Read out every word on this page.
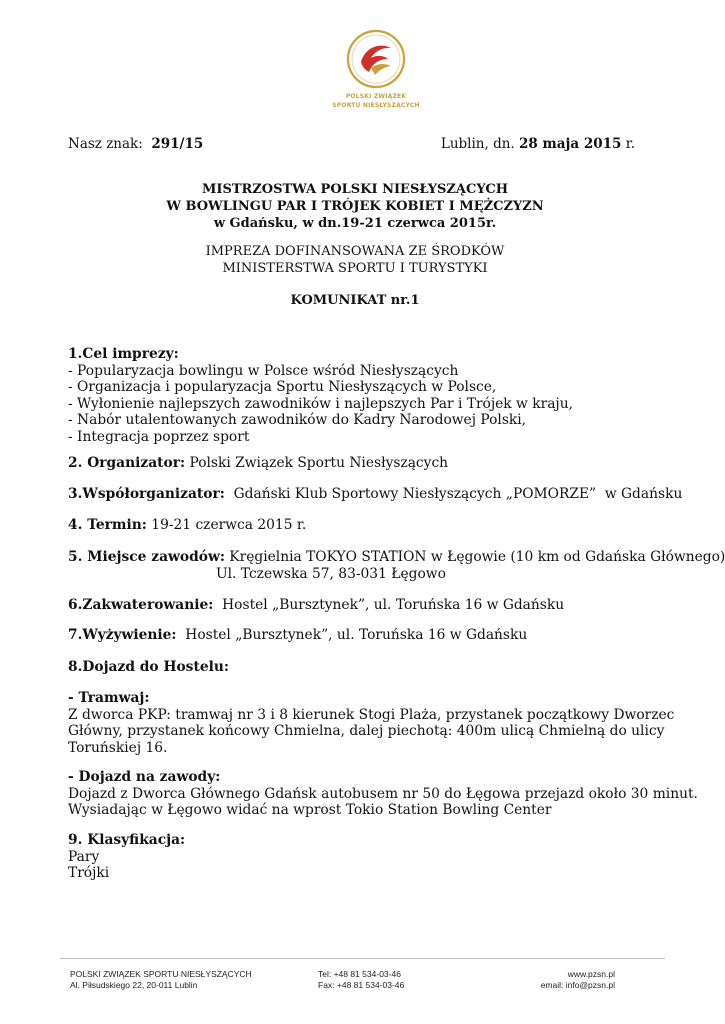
POLSKI ZWIĄZEK
SPORTU NIESŁYSZĄCYCH
Nasz znak: 291/15	Lublin, dn. 28 maja 2015 r.
MISTRZOSTWA POLSKI NIESŁYSZĄCYCH
W BOWLINGU PAR I TRÓJEK KOBIET I MĘŻCZYZN
w Gdańsku, w dn.19-21 czerwca 2015r.
IMPREZA DOFINANSOWANA ZE ŚRODKÓW
MINISTERSTWA SPORTU I TURYSTYKI
KOMUNIKAT nr.1
1.Cel imprezy:
- Popularyzacja bowlingu w Polsce wśród Niesłyszących
- Organizacja i popularyzacja Sportu Niesłyszących w Polsce,
- Wyłonienie najlepszych zawodników i najlepszych Par i Trójek w kraju,
- Nabór utalentowanych zawodników do Kadry Narodowej Polski,
- Integracja poprzez sport
2. Organizator: Polski Związek Sportu Niesłyszących
3.Współorganizator:  Gdański Klub Sportowy Niesłyszących „POMORZE”  w Gdańsku
4. Termin: 19-21 czerwca 2015 r.
5. Miejsce zawodów: Kręgielnia TOKYO STATION w Łęgowie (10 km od Gdańska Głównego)
Ul. Tczewska 57, 83-031 Łęgowo
6.Zakwaterowanie:  Hostel „Bursztynek”, ul. Toruńska 16 w Gdańsku
7.Wyżywienie:  Hostel „Bursztynek”, ul. Toruńska 16 w Gdańsku
8.Dojazd do Hostelu:
- Tramwaj:
Z dworca PKP: tramwaj nr 3 i 8 kierunek Stogi Plaża, przystanek początkowy Dworzec
Główny, przystanek końcowy Chmielna, dalej piechotą: 400m ulicą Chmielną do ulicy
Toruńskiej 16.
- Dojazd na zawody:
Dojazd z Dworca Głównego Gdańsk autobusem nr 50 do Łęgowa przejazd około 30 minut.
Wysiadając w Łęgowo widać na wprost Tokio Station Bowling Center
9. Klasyfikacja:
Pary
Trójki
POLSKI ZWIĄZEK SPORTU NIESŁYSZĄCYCH
Al. Piłsudskiego 22, 20-011 Lublin
Tel: +48 81 534-03-46
Fax: +48 81 534-03-46
www.pzsn.pl
email: info@pzsn.pl
